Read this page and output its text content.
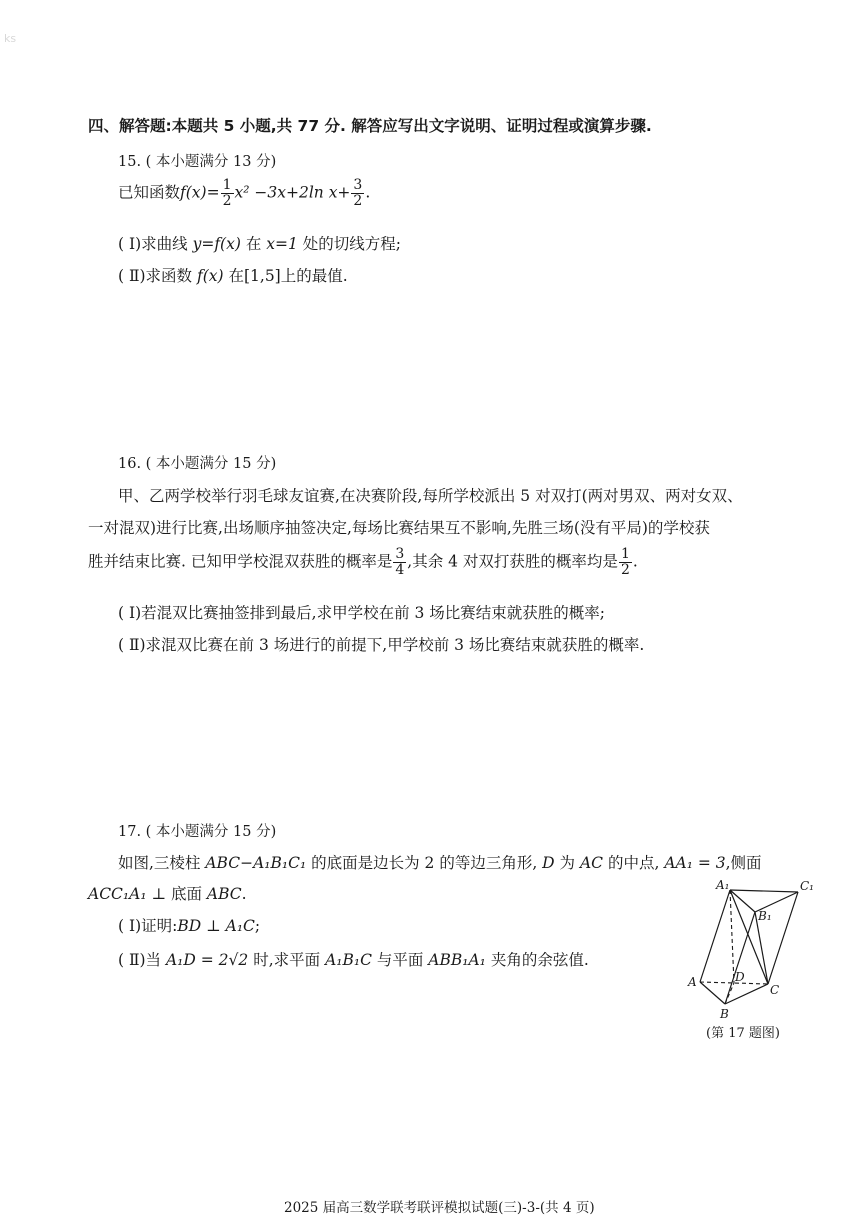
ks
四、解答题:本题共 5 小题,共 77 分. 解答应写出文字说明、证明过程或演算步骤.
15. ( 本小题满分 13 分)
已知函数$f(x)= \frac{1}{2} x^2 -3x+2\ln$ $x+ \frac{3}{2}$ .
( Ⅰ)求曲线 y=f(x) 在 x=1 处的切线方程;
( Ⅱ)求函数 f(x) 在[1,5]上的最值.
16. ( 本小题满分 15 分)
甲、乙两学校举行羽毛球友谊赛,在决赛阶段,每所学校派出 5 对双打(两对男双、两对女双、
一对混双)进行比赛,出场顺序抽签决定,每场比赛结果互不影响,先胜三场(没有平局)的学校获
胜并结束比赛. 已知甲学校混双获胜的概率是 $\frac{3}{4}$ ,其余 4 对双打获胜的概率均是 $\frac{1}{2}$ .
( Ⅰ)若混双比赛抽签排到最后,求甲学校在前 3 场比赛结束就获胜的概率;
( Ⅱ)求混双比赛在前 3 场进行的前提下,甲学校前 3 场比赛结束就获胜的概率.
17. ( 本小题满分 15 分)
如图,三棱柱 ABC−A₁B₁C₁ 的底面是边长为 2 的等边三角形, D 为 AC 的中点, AA₁ = 3,侧面
ACC₁A₁ ⊥ 底面 ABC.
( Ⅰ)证明:BD ⊥ A₁C;
( Ⅱ)当 A₁D = 2√2 时,求平面 A₁B₁C 与平面 ABB₁A₁ 夹角的余弦值.
A₁	C₁
B₁
A	D
C
B
(第 17 题图)
2025 届高三数学联考联评模拟试题(三)-3-(共 4 页)
